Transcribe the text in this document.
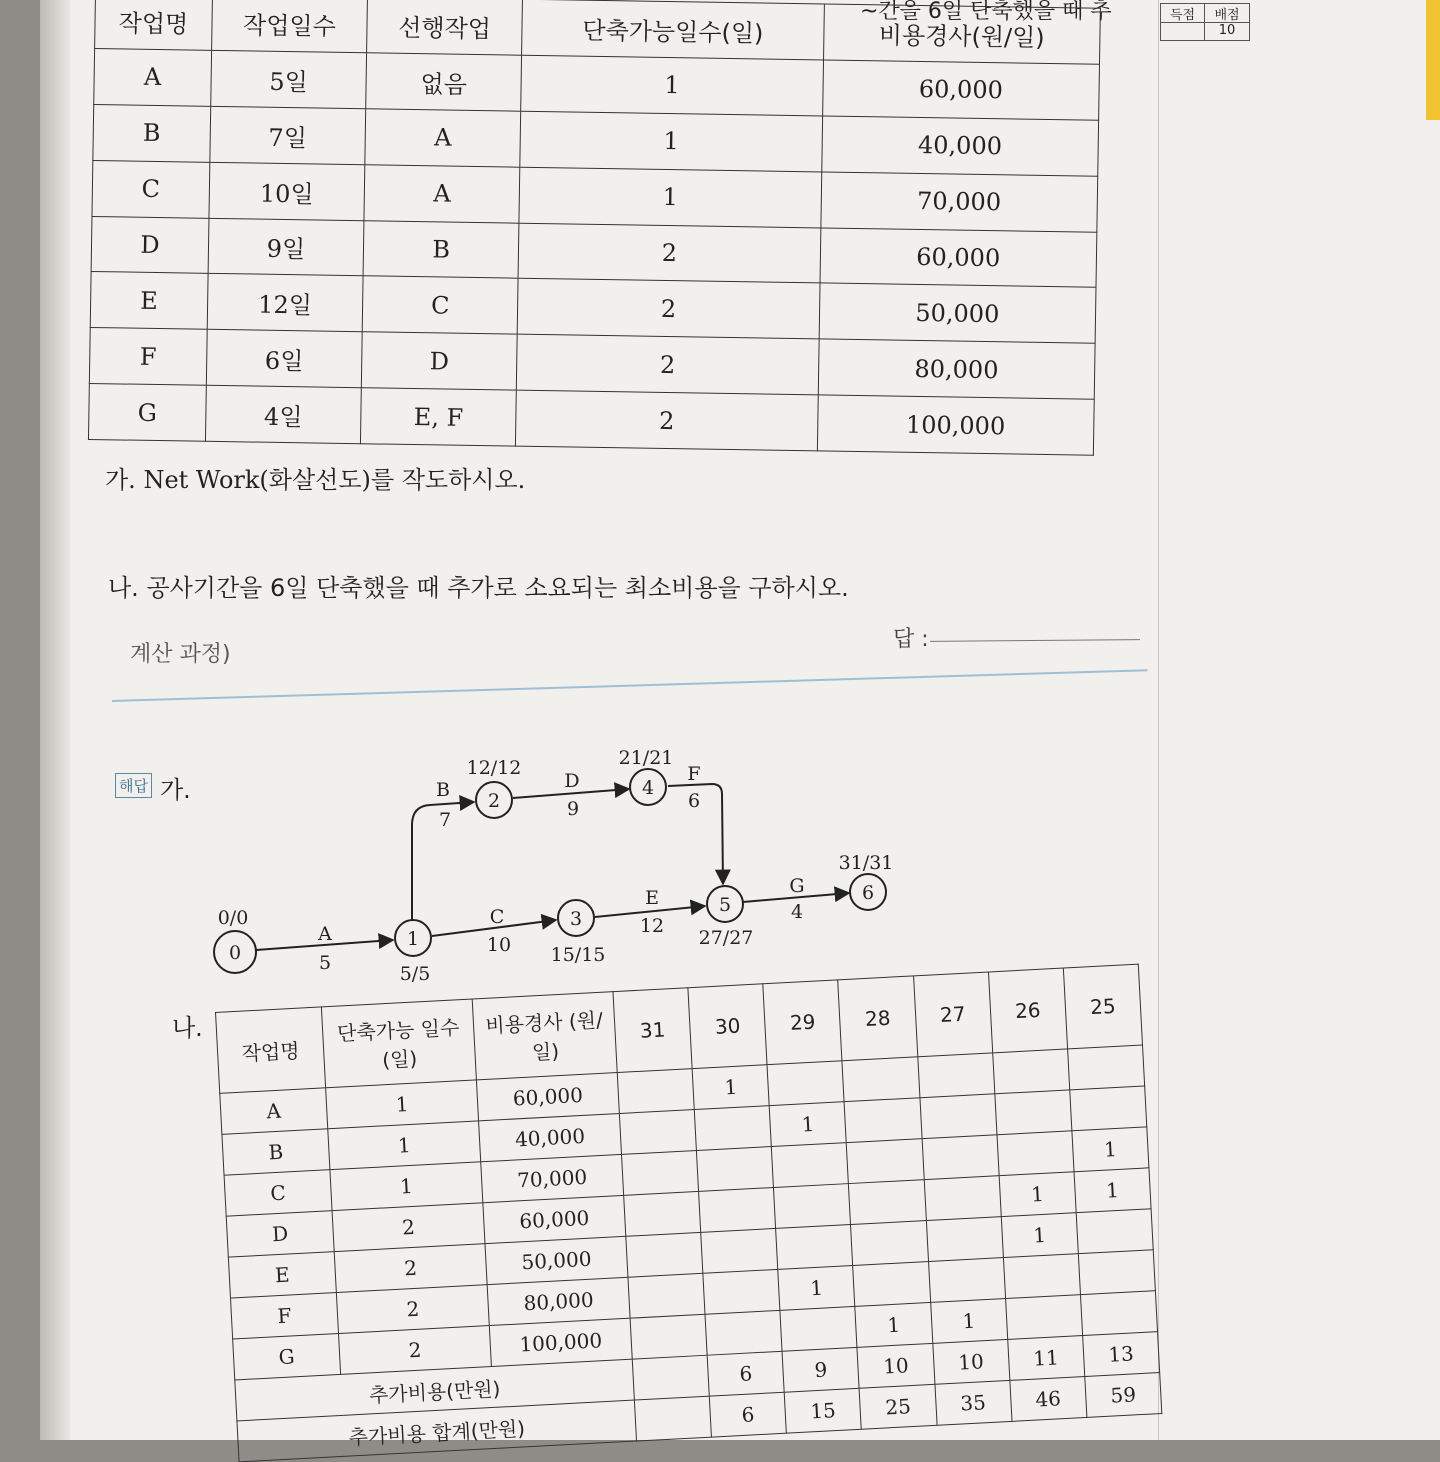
~간을 6일 단축했을 때 추	득점	배점
10
작업명	작업일수	선행작업	단축가능일수(일)	비용경사(원/일)
A	5일	없음	1	60,000
B	7일	A	1	40,000
C	10일	A	1	70,000
D	9일	B	2	60,000
E	12일	C	2	50,000
F	6일	D	2	80,000
G	4일	E, F	2	100,000
가. Net Work(화살선도)를 작도하시오.
나. 공사기간을 6일 단축했을 때 추가로 소요되는 최소비용을 구하시오.
계산 과정)
답 :
해답 가.
나.
0
1
2
3
4
5
6
0/0
5/5
12/12
15/15
21/21
27/27
31/31
A
5
B
7
C
10
D
9
E
12
F
6
G
4
작업명	단축가능 일수(일)	비용경사 (원/일)	31	30	29	28	27	26	25
A	1	60,000		1					
B	1	40,000			1				
C	1	70,000							1
D	2	60,000						1	1
E	2	50,000						1	
F	2	80,000			1				
G	2	100,000				1	1		
추가비용(만원)				6	9	10	10	11	13
추가비용 합계(만원)				6	15	25	35	46	59
